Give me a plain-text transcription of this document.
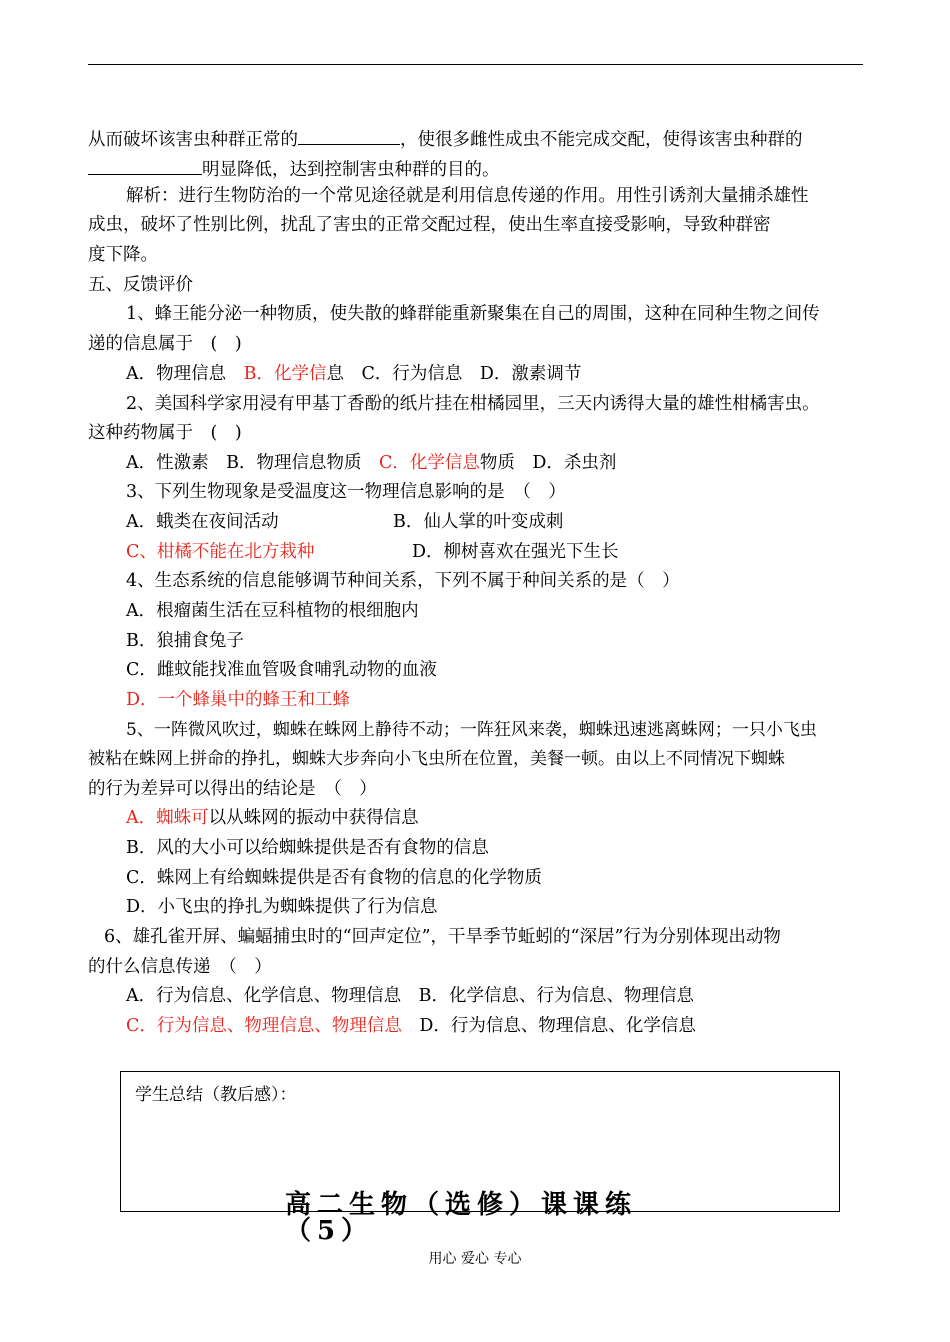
从而破坏该害虫种群正常的	，使很多雌性成虫不能完成交配，使得该害虫种群的
明显降低，达到控制害虫种群的目的。
解析：进行生物防治的一个常见途径就是利用信息传递的作用。用性引诱剂大量捕杀雄性
成虫，破坏了性别比例，扰乱了害虫的正常交配过程，使出生率直接受影响，导致种群密
度下降。
五、反馈评价
1、蜂王能分泌一种物质，使失散的蜂群能重新聚集在自己的周围，这种在同种生物之间传
递的信息属于　(　)
A．物理信息　B．化学信息　C．行为信息　D．激素调节
2、美国科学家用浸有甲基丁香酚的纸片挂在柑橘园里，三天内诱得大量的雄性柑橘害虫。
这种药物属于　(　)
A．性激素　B．物理信息物质　C．化学信息物质　D．杀虫剂
3、下列生物现象是受温度这一物理信息影响的是　（　）
A．蛾类在夜间活动	B．仙人掌的叶变成刺
C、柑橘不能在北方栽种	D．柳树喜欢在强光下生长
4、生态系统的信息能够调节种间关系，下列不属于种间关系的是（　）
A．根瘤菌生活在豆科植物的根细胞内
B．狼捕食兔子
C．雌蚊能找准血管吸食哺乳动物的血液
D．一个蜂巢中的蜂王和工蜂
5、一阵微风吹过，蜘蛛在蛛网上静待不动；一阵狂风来袭，蜘蛛迅速逃离蛛网；一只小飞虫
被粘在蛛网上拼命的挣扎，蜘蛛大步奔向小飞虫所在位置，美餐一顿。由以上不同情况下蜘蛛
的行为差异可以得出的结论是　（　）
A．蜘蛛可以从蛛网的振动中获得信息
B．风的大小可以给蜘蛛提供是否有食物的信息
C．蛛网上有给蜘蛛提供是否有食物的信息的化学物质
D．小飞虫的挣扎为蜘蛛提供了行为信息
6、雄孔雀开屏、蝙蝠捕虫时的“回声定位”，干旱季节蚯蚓的“深居”行为分别体现出动物
的什么信息传递　（　）
A．行为信息、化学信息、物理信息　B．化学信息、行为信息、物理信息
C．行为信息、物理信息、物理信息　D．行为信息、物理信息、化学信息
学生总结（教后感）：
高二生物（选修）课课练（5）
用心 爱心 专心
